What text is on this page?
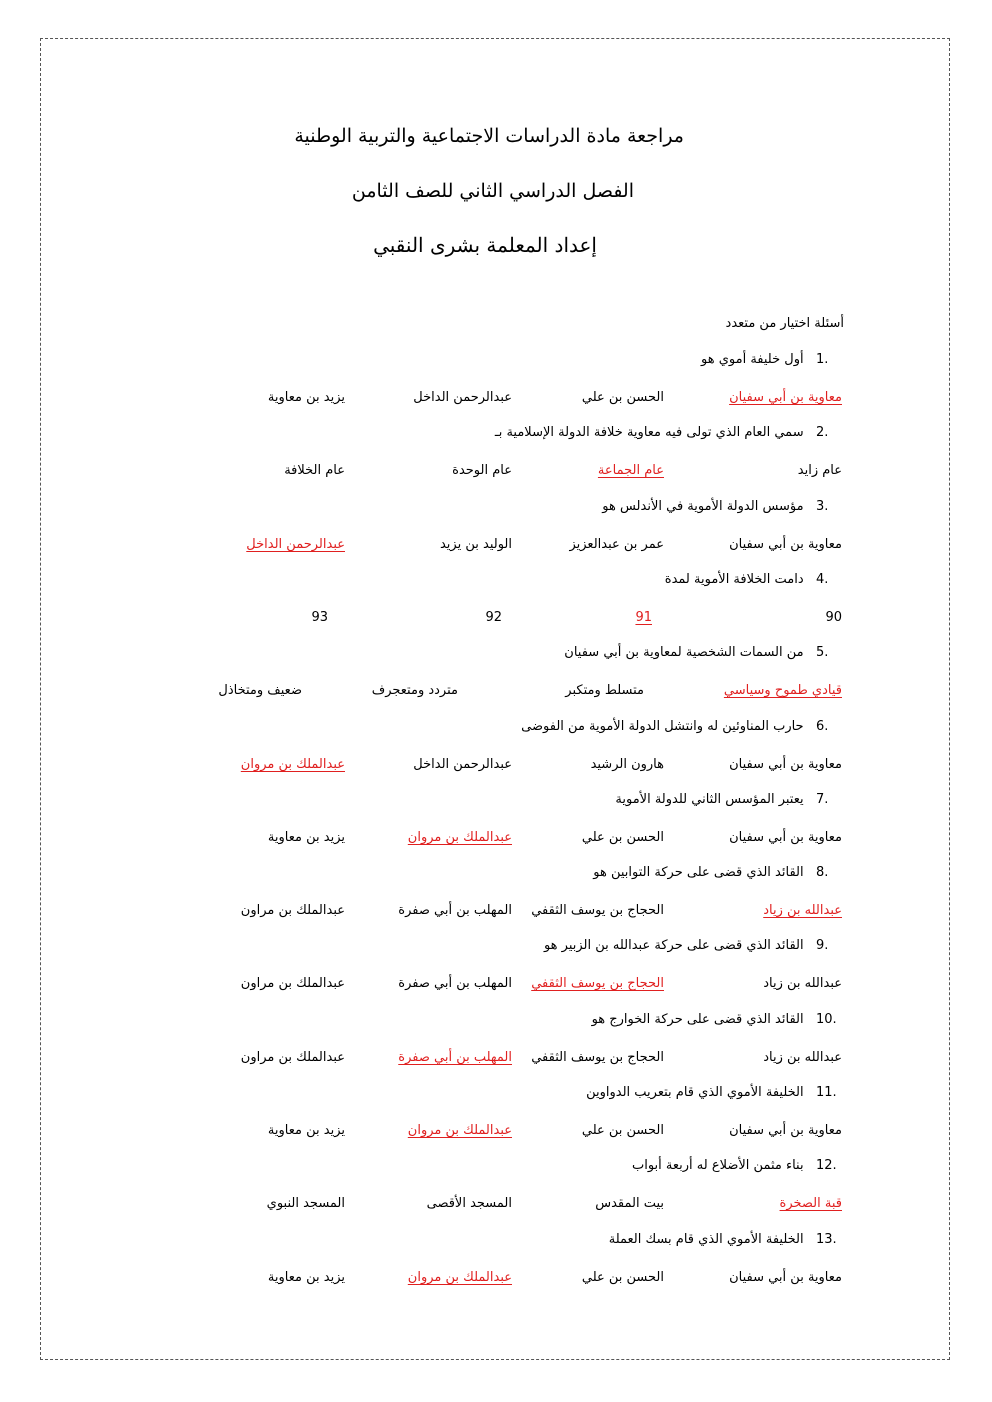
مراجعة مادة الدراسات الاجتماعية والتربية الوطنية
الفصل الدراسي الثاني للصف الثامن
إعداد المعلمة بشرى النقبي
أسئلة اختيار من متعدد
1.   أول خليفة أموي هو
معاوية بن أبي سفيان
الحسن بن علي
عبدالرحمن الداخل
يزيد بن معاوية
2.   سمي العام الذي تولى فيه معاوية خلافة الدولة الإسلامية بـ
عام زايد
عام الجماعة
عام الوحدة
عام الخلافة
3.   مؤسس الدولة الأموية في الأندلس هو
معاوية بن أبي سفيان
عمر بن عبدالعزيز
الوليد بن يزيد
عبدالرحمن الداخل
4.   دامت الخلافة الأموية لمدة
90
91
92
93
5.   من السمات الشخصية لمعاوية بن أبي سفيان
قيادي طموح وسياسي
متسلط ومتكبر
متردد ومتعجرف
ضعيف ومتخاذل
6.   حارب المناوئين له وانتشل الدولة الأموية من الفوضى
معاوية بن أبي سفيان
هارون الرشيد
عبدالرحمن الداخل
عبدالملك بن مروان
7.   يعتبر المؤسس الثاني للدولة الأموية
معاوية بن أبي سفيان
الحسن بن علي
عبدالملك بن مروان
يزيد بن معاوية
8.   القائد الذي قضى على حركة التوابين هو
عبدالله بن زياد
الحجاج بن يوسف الثقفي
المهلب بن أبي صفرة
عبدالملك بن مراون
9.   القائد الذي قضى على حركة عبدالله بن الزبير هو
عبدالله بن زياد
الحجاج بن يوسف الثقفي
المهلب بن أبي صفرة
عبدالملك بن مراون
10.   القائد الذي قضى على حركة الخوارج هو
عبدالله بن زياد
الحجاج بن يوسف الثقفي
المهلب بن أبي صفرة
عبدالملك بن مراون
11.   الخليفة الأموي الذي قام بتعريب الدواوين
معاوية بن أبي سفيان
الحسن بن علي
عبدالملك بن مروان
يزيد بن معاوية
12.   بناء مثمن الأضلاع له أربعة أبواب
قبة الصخرة
بيت المقدس
المسجد الأقصى
المسجد النبوي
13.   الخليفة الأموي الذي قام بسك العملة
معاوية بن أبي سفيان
الحسن بن علي
عبدالملك بن مروان
يزيد بن معاوية
